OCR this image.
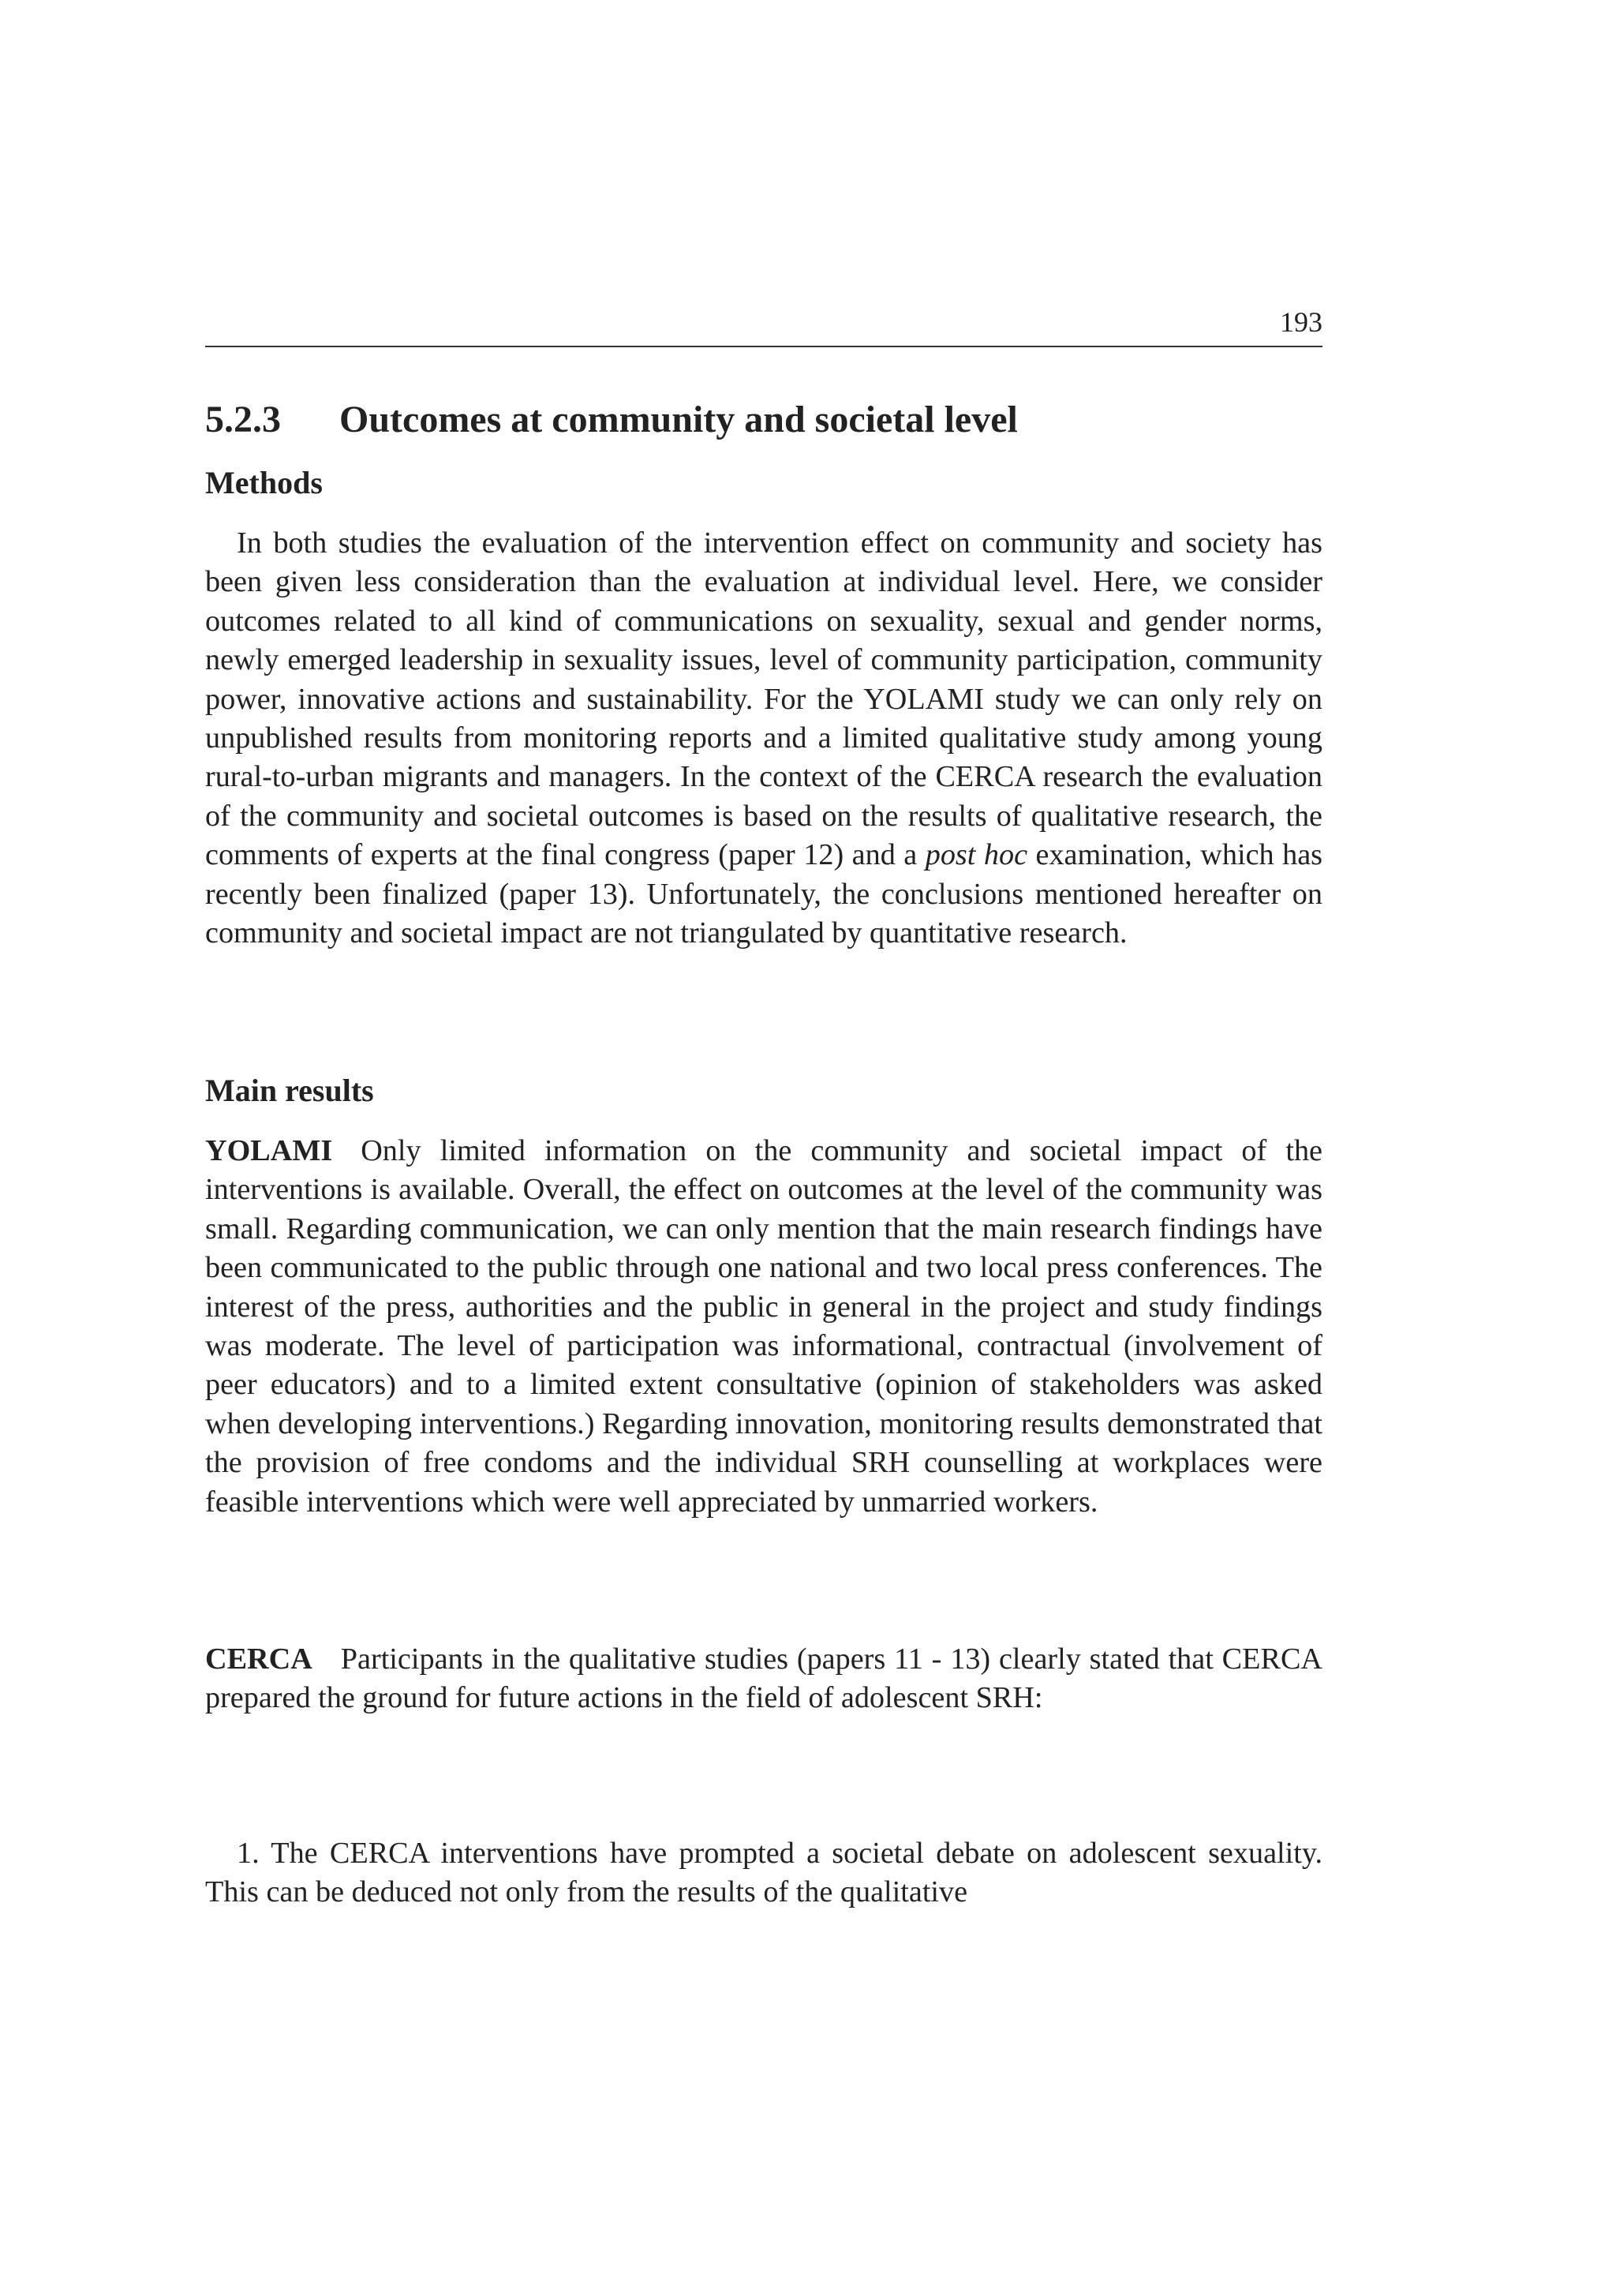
193
5.2.3 Outcomes at community and societal level
Methods

In both studies the evaluation of the intervention effect on community and society has been given less consideration than the evaluation at individual level. Here, we consider outcomes related to all kind of communications on sexuality, sexual and gender norms, newly emerged leadership in sexuality issues, level of community participation, community power, innovative actions and sustainability. For the YOLAMI study we can only rely on unpublished results from monitoring reports and a limited qualitative study among young rural-to-urban migrants and managers. In the context of the CERCA research the evaluation of the community and societal outcomes is based on the results of qualitative research, the comments of experts at the final congress (paper 12) and a post hoc examination, which has recently been finalized (paper 13). Unfortunately, the conclusions mentioned hereafter on community and societal impact are not triangulated by quantitative research.

Main results

YOLAMI Only limited information on the community and societal impact of the interventions is available. Overall, the effect on outcomes at the level of the community was small. Regarding communication, we can only mention that the main research findings have been communicated to the public through one national and two local press conferences. The interest of the press, authorities and the public in general in the project and study findings was moderate. The level of participation was informational, contractual (involvement of peer educators) and to a limited extent consultative (opinion of stakeholders was asked when developing interventions.) Regarding innovation, monitoring results demonstrated that the provision of free condoms and the individual SRH counselling at workplaces were feasible interventions which were well appreciated by unmarried workers.

CERCA Participants in the qualitative studies (papers 11 - 13) clearly stated that CERCA prepared the ground for future actions in the field of adolescent SRH:

1. The CERCA interventions have prompted a societal debate on adolescent sexuality. This can be deduced not only from the results of the qualitative
